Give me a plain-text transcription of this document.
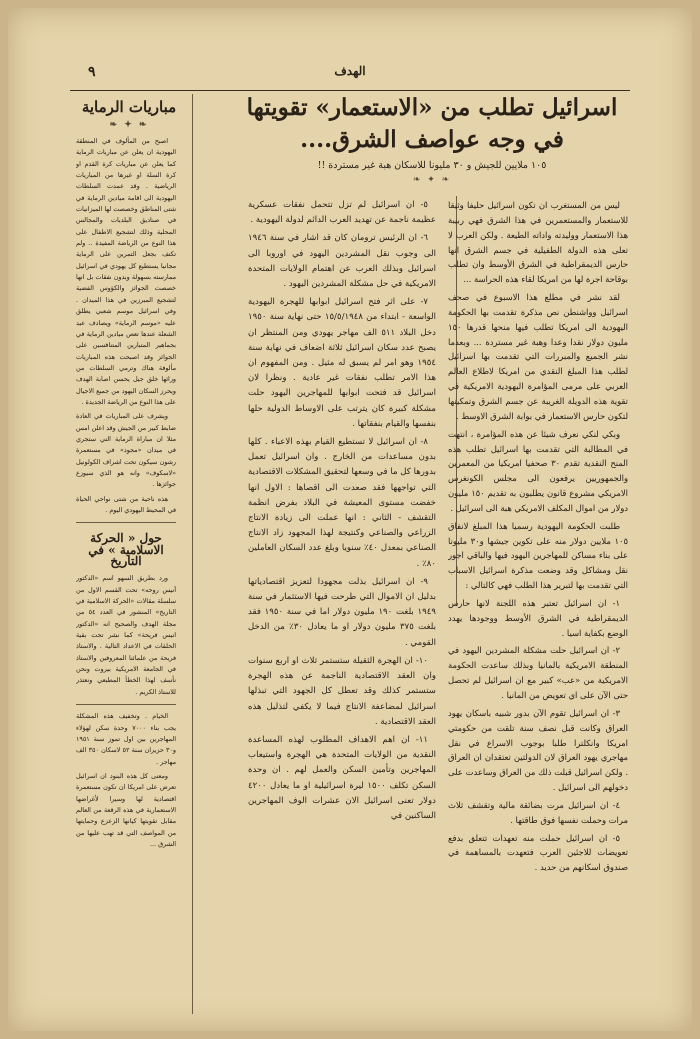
الهدف
٩
اسرائيل تطلب من «الاستعمار» تقويتها
في وجه عواصف الشرق....
١٠٥ ملايين للجيش و ٣٠ مليونا للاسكان هبة غير مستردة !!
❧ ✦ ❧

ليس من المستغرب ان تكون اسرائيل حليفا وثيقا للاستعمار والمستعمرين في هذا الشرق فهي ربيبة هذا الاستعمار ووليدته واداته الطيعة . ولكن العرب لا تعلى هذه الدولة الطفيلية في جسم الشرق انها حارس الديمقراطية في الشرق الأوسط وان تطلب بوقاحة اجرة لها من امريكا لقاء هذه الحراسة ...

لقد نشر في مطلع هذا الاسبوع في صحف اسرائيل وواشنطن نص مذكرة تقدمت بها الحكومة اليهودية الى امريكا تطلب فيها منحها قدرها ١٥٠ مليون دولار نقدا وعدا وهبة غير مستردة ... وبعدما نشر الجميع والمبررات التي تقدمت بها اسرائيل لطلب هذا المبلغ النقدي من امريكا لاطلاع العالم العربي على مرمى المؤامرة اليهودية الامريكية في تقوية هذه الدويلة الغريبة عن جسم الشرق وتمكينها لتكون حارس الاستعمار في بوابة الشرق الاوسط .

وبكي لنكي نعرف شيئا عن هذه المؤامرة ، انتهت في المطالبة التي تقدمت بها اسرائيل تطلب هذه المنح النقدية تقدم ٣٠ صحفيا امريكيا من المعمرين والجمهوريين يرفعون الى مجلس الكونغرس الامريكي مشروع قانون يطلبون به تقديم ١٥٠ مليون دولار من اموال المكلف الامريكي هبة الى اسرائيل .

طلبت الحكومة اليهودية رسميا هذا المبلغ لانفاق ١٠٥ ملايين دولار منه على تكوين جيشها و٣٠ مليونا على بناء مساكن للمهاجرين اليهود فيها والباقي اجور نقل ومشاكل وقد وضعت مذكرة اسرائيل الاسباب التي تقدمت بها لتبرير هذا الطلب فهي كالتالي :

١- ان اسرائيل تعتبر هذه اللجنة لانها حارس الديمقراطية في الشرق الأوسط ووجودها يهدد الوضع بكفاية اسيا .

٢- ان اسرائيل حلت مشكلة المشردين اليهود في المنطقة الامريكية بالمانيا وبذلك ساعدت الحكومة الامريكية من «عب» كبير مع ان اسرائيل لم تحصل حتى الآن على اي تعويض من المانيا .

٣- ان اسرائيل تقوم الآن بدور شبيه باسكان يهود العراق وكانت قبل نصف سنة تلقت من حكومتي امريكا وانكلترا طلبا بوجوب الاسراع في نقل مهاجري يهود العراق لان الدولتين تعتقدان ان العراق . ولكن اسرائيل قبلت ذلك من العراق وساعدت على دخولهم الى اسرائيل .

٤- ان اسرائيل مرت بضائقة مالية وتقشف ثلاث مرات وحملت نفسها فوق طاقتها .

٥- ان اسرائيل حملت منه تعهدات تتعلق بدفع تعويضات للاجئين العرب فتعهدت بالمساهمة في صندوق اسكانهم من حديد .

٥- ان اسرائيل لم تزل تتحمل نفقات عسكرية عظيمة ناجمة عن تهديد العرب الدائم لدولة اليهودية .

٦- ان الرئيس ترومان كان قد اشار في سنة ١٩٤٦ الى وجوب نقل المشردين اليهود في اوروبا الى اسرائيل وبذلك العرب عن اهتمام الولايات المتحدة الامريكية في حل مشكلة المشردين اليهود .

٧- على اثر فتح اسرائيل ابوابها للهجرة اليهودية الواسعة - ابتداء من ١٥/٥/١٩٤٨ حتى نهاية سنة ١٩٥٠ دخل البلاد ٥١١ الف مهاجر يهودي ومن المنتظر ان يصبح عدد سكان اسرائيل ثلاثة اضعاف في نهاية سنة ١٩٥٤ وهو امر لم يسبق له مثيل . ومن المفهوم ان هذا الامر تطلب نفقات غير عادية . ونظرا لان اسرائيل قد فتحت ابوابها للمهاجرين اليهود حلت مشكلة كبيرة كان يترتب على الاوساط الدولية حلها بنفسها والقيام بنفقاتها .

٨- ان اسرائيل لا تستطيع القيام بهذه الاعباء . كلها بدون مساعدات من الخارج . وان اسرائيل تعمل بدورها كل ما في وسعها لتحقيق المشكلات الاقتصادية التي تواجهها فقد صعدت الى اقصاها : الاول انها خفضت مستوى المعيشة في البلاد بفرض انظمة التقشف - الثاني : انها عملت الى زيادة الانتاج الزراعي والصناعي وكنتيجة لهذا المجهود زاد الانتاج الصناعي بمعدل ٤٠٪ سنويا وبلغ عدد السكان العاملين ٨٠٪ .

٩- ان اسرائيل بذلت مجهودا لتعزيز اقتصادياتها بدليل ان الاموال التي طرحت فيها الاستثمار في سنة ١٩٤٩ بلغت ١٩٠ مليون دولار اما في سنة ١٩٥٠ فقد بلغت ٣٧٥ مليون دولار او ما يعادل ٣٠٪ من الدخل القومي .

١٠- ان الهجرة الثقيلة ستستمر ثلاث او اربع سنوات وان العقد الاقتصادية الناجمة عن هذه الهجرة ستستمر كذلك وقد تعطل كل الجهود التي تبذلها اسرائيل لمضاعفة الانتاج فيما لا يكفي لتذليل هذه العقد الاقتصادية .

١١- ان اهم الاهداف المطلوب لهذه المساعدة النقدية من الولايات المتحدة هي الهجرة واستيعاب المهاجرين وتأمين السكن والعمل لهم . ان وحدة السكن تكلف ١٥٠٠ ليرة اسرائيلية او ما يعادل ٤٢٠٠ دولار تعنى اسرائيل الان عشرات الوف المهاجرين الساكنين في

مباريات الرماية
❧ ✦ ❧

اصبح من المألوف في المنطقة اليهودية ان يعلن عن مباريات الرماية كما يعلن عن مباريات كرة القدم او كرة السلة او غيرها من المباريات الرياضية . وقد عمدت السلطات اليهودية الى اقامة ميادين الرماية في شتى المناطق وخصصت لها الميزانيات في صناديق البلديات والمجالس المحلية وذلك لتشجيع الاطفال على هذا النوع من الرياضة المفيدة .. ولم تكتف بجعل التمرين على الرماية مجانيا يستطيع كل يهودي في اسرائيل ممارسته بسهولة وبدون نفقات بل انها خصصت الجوائز والكؤوس الفضية لتشجيع المبرزين في هذا الميدان . وفي اسرائيل موسم شعبي يطلق عليه «موسم الرماية» ويصادف عيد الشعلة عندها تعص ميادين الرماية في بجماهير المتبارين المتنافسين على الجوائز وقد اصبحت هذه المباريات مألوفة هناك وترمي السلطات من ورائها خلق جيل يحسن اصابة الهدف ويحرز السكان اليهود من جميع الاجيال على هذا النوع من الرياضة الجديدة .

ويشرف على المباريات في العادة ضابط كبير من الجيش وقد اعلن امس مثلا ان مباراة الرماية التي ستجري في ميدان «مجود» في مستعمرة رشون سيكون تحت اشراف الكولونيل «لاسكوف» وانه هو الذي سيوزع جوائزها .

هذه ناحية من شتى نواحي الحياة في المحيط اليهودي اليوم .

حول « الحركة الاسلامية » في التاريخ

ورد بطريق السهو اسم «الدكتور أنيس روحه» تحت القسم الاول من سلسلة مقالات «الحركة الاسلامية في التاريخ» المنشور في العدد ٥٤ من مجلة الهدف والصحيح انه «الدكتور انيس فريحة» كما نشر تحت بقية الحلقات في الاعداد التالية . والاستاذ فريحة من علمائنا المعروفين والاستاذ في الجامعة الامريكية بيروت ونحن نأسف لهذا الخطأ المطبعي ونعتذر للاستاذ الكريم .

الخيام . وتخفيف هذه المشكلة يجب بناء ٧٠٠٠ وحدة سكن لهؤلاء المهاجرين بين اول تموز سنة ١٩٥١ و٣٠ حزيران سنة ٥٢ لاسكان ٣٥٠ الف مهاجر .

ومعنى كل هذه البنود ان اسرائيل تعرض على امريكا ان تكون مستعمرة اقتصادية لها وسيرا لأغراضها الاستعمارية في هذه الرقعة من العالم مقابل تقويتها كيانها الزعزع وحمايتها من المواصف التي قد تهب عليها من الشرق ...
